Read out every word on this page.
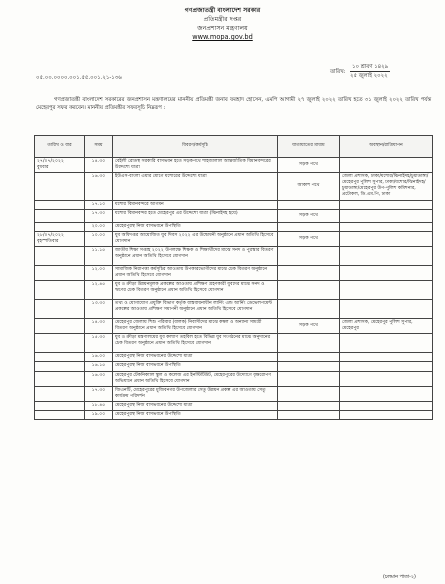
গণপ্রজাতন্ত্রী বাংলাদেশ সরকার
প্রতিমন্ত্রীর দপ্তর
জনপ্রশাসন মন্ত্রণালয়
www.mopa.gov.bd
তারিখ:
১০ শ্রাবণ ১৪২৯
২৫ জুলাই ২০২২
০৫.০০.০০০০.০০১.৫৫.০০১.২১-১৩৬
গণপ্রজাতন্ত্রী বাংলাদেশ সরকারের জনপ্রশাসন মন্ত্রণালয়ের মাননীয় প্রতিমন্ত্রী জনাব ফরহাদ হোসেন, এমপি আগামী ২৭ জুলাই ২০২২ তারিখ হতে ৩১ জুলাই ২০২২ তারিখ পর্যন্ত মেহেরপুর সফর করবেন। মাননীয় প্রতিমন্ত্রীর সফরসূচি নিম্নরূপ :
তারিখ ও বার	সময়	বিবরণ/কর্মসূচি	যাতায়াতের মাধ্যম	অবস্থান/রাত্রিযাপন
২৭/০৭/২০২২
বুধবার	১৪.৩০	বেইলী রোডস্থ সরকারি বাসভবন হতে সড়কপথে শাহজালাল আন্তর্জাতিক বিমানবন্দরের উদ্দেশ্যে যাত্রা	সড়ক পথে	
	১৬.৩০	ইউএস-বাংলা এয়ার যোগে যশোরের উদ্দেশ্যে যাত্রা	আকাশ পথে	জেলা প্রশাসক, ঢাকা/যশোর/ঝিনাইদহ/চুয়াডাঙ্গা/মেহেরপুর পুলিশ সুপার, ঢাকা/যশোর/ঝিনাইদহ/চুয়াডাঙ্গা/মেহেরপুর উপ-পুলিশ কমিশনার, প্রটোকল, ডি.এম.পি, ঢাকা
	১৭.১০	যশোর বিমানবন্দরে আগমন		
	১৭.৩০	যশোর বিমানবন্দর হতে মেহেরপুর এর উদ্দেশ্যে যাত্রা (ঝিনাইদহ হয়ে)	সড়ক পথে	
	২০.০০	মেহেরপুরস্থ নিজ বাসভবনে উপস্থিতি		
২৮/০৭/২০২২
বৃহস্পতিবার	১০.০০	যুব অধিদপ্তর আয়োজিত যুব দিবস ২০২২ এর উদ্বোধনী অনুষ্ঠানে প্রধান অতিথি হিসেবে যোগদান	সড়ক পথে	
	১১.১৫	জাতীয় শিক্ষা সপ্তাহ ২০২২ উপলক্ষে শিক্ষক ও শিক্ষার্থীদের মাঝে সনদ ও পুরস্কার বিতরণ অনুষ্ঠানে প্রধান অতিথি হিসেবে যোগদান		
	১২.০০	সামাজিক নিরাপত্তা কর্মসূচির আওতায় উপকারভোগীদের মাঝে চেক বিতরণ অনুষ্ঠানে প্রধান অতিথি হিসেবে যোগদান		
	১২.৪৫	যুব ও ক্রীড়া উন্নয়নমূলক প্রকল্পের আওতায় প্রশিক্ষণ গ্রহণকারী যুবদের মাঝে সনদ ও ঋণের চেক বিতরণ অনুষ্ঠানে প্রধান অতিথি হিসেবে যোগদান		
	১৩.৩০	তথ্য ও যোগাযোগ প্রযুক্তি বিভাগ কর্তৃক বাস্তবায়নাধীন লার্নিং এন্ড আর্নিং ডেভেলপমেন্ট প্রকল্পের আওতায় প্রশিক্ষণ সমাপনী অনুষ্ঠানে প্রধান অতিথি হিসেবে যোগদান		
	১৪.৩০	মেহেরপুর জেলায় শিশু পরিবার (বালক) নিবাসীদের মাঝে কম্বল ও অন্যান্য সামগ্রী বিতরণ অনুষ্ঠানে প্রধান অতিথি হিসেবে যোগদান	সড়ক পথে	জেলা প্রশাসক, মেহেরপুর পুলিশ সুপার, মেহেরপুর
	১৫.৩০	যুব ও ক্রীড়া মন্ত্রণালয়ের যুব কল্যাণ তহবিল হতে বিভিন্ন যুব সংগঠনের মাঝে অনুদানের চেক বিতরণ অনুষ্ঠানে প্রধান অতিথি হিসেবে যোগদান		
	১৬.০০	মেহেরপুরস্থ নিজ বাসভবনের উদ্দেশ্যে যাত্রা		
	১৬.১৫	মেহেরপুরস্থ নিজ বাসভবনে উপস্থিতি		
	১৬.৩০	মেহেরপুর টেকনিক্যাল স্কুল ও কলেজ এর ইনস্টিটিউট, মেহেরপুরের উদ্যোগে বৃক্ষরোপণ অভিযানে প্রধান অতিথি হিসেবে যোগদান		
	১৭.৩০	জিএনটি, মেহেরপুরের মুজিবনগর উপজেলার সেতু উন্নয়ন প্রকল্প এর আওতায় সেতু কার্যক্রম পরিদর্শন		
	১৮.৪৫	মেহেরপুরস্থ নিজ বাসভবনের উদ্দেশ্যে যাত্রা		
	১৯.০০	মেহেরপুরস্থ নিজ বাসভবনে উপস্থিতি		
(চলমান পাতা-২)
